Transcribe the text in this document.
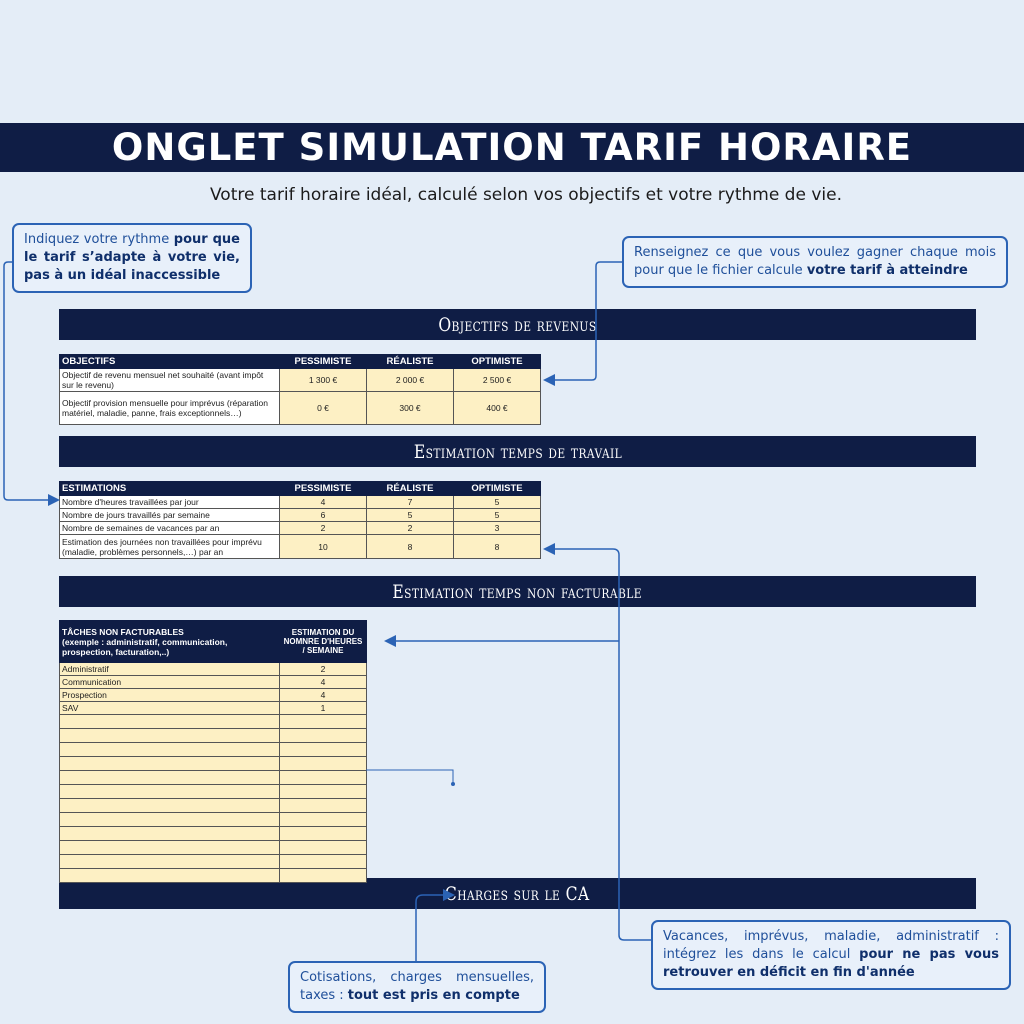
ONGLET SIMULATION TARIF HORAIRE
Votre tarif horaire idéal, calculé selon vos objectifs et votre rythme de vie.
Objectifs de revenus
Estimation temps de travail
Estimation temps non facturable
Charges sur le CA
OBJECTIFS	PESSIMISTE	RÉALISTE	OPTIMISTE
Objectif de revenu mensuel net souhaité (avant impôt sur le revenu)	1 300 €	2 000 €	2 500 €
Objectif provision mensuelle pour imprévus (réparation matériel, maladie, panne, frais exceptionnels…)	0 €	300 €	400 €
ESTIMATIONS	PESSIMISTE	RÉALISTE	OPTIMISTE
Nombre d'heures travaillées par jour	4	7	5
Nombre de jours travaillés par semaine	6	5	5
Nombre de semaines de vacances par an	2	2	3
Estimation des journées non travaillées pour imprévu (maladie, problèmes personnels,…) par an	10	8	8
TÂCHES NON FACTURABLES
(exemple : administratif, communication, prospection, facturation,..)	ESTIMATION DU NOMNRE D'HEURES / SEMAINE
Administratif	2
Communication	4
Prospection	4
SAV	1

Indiquez votre rythme pour que le tarif s’adapte à votre vie, pas à un idéal inaccessible
Renseignez ce que vous voulez gagner chaque mois pour que le fichier calcule votre tarif à atteindre
Vacances, imprévus, maladie, administratif : intégrez les dans le calcul pour ne pas vous retrouver en déficit en fin d'année
Cotisations, charges mensuelles, taxes : tout est pris en compte
